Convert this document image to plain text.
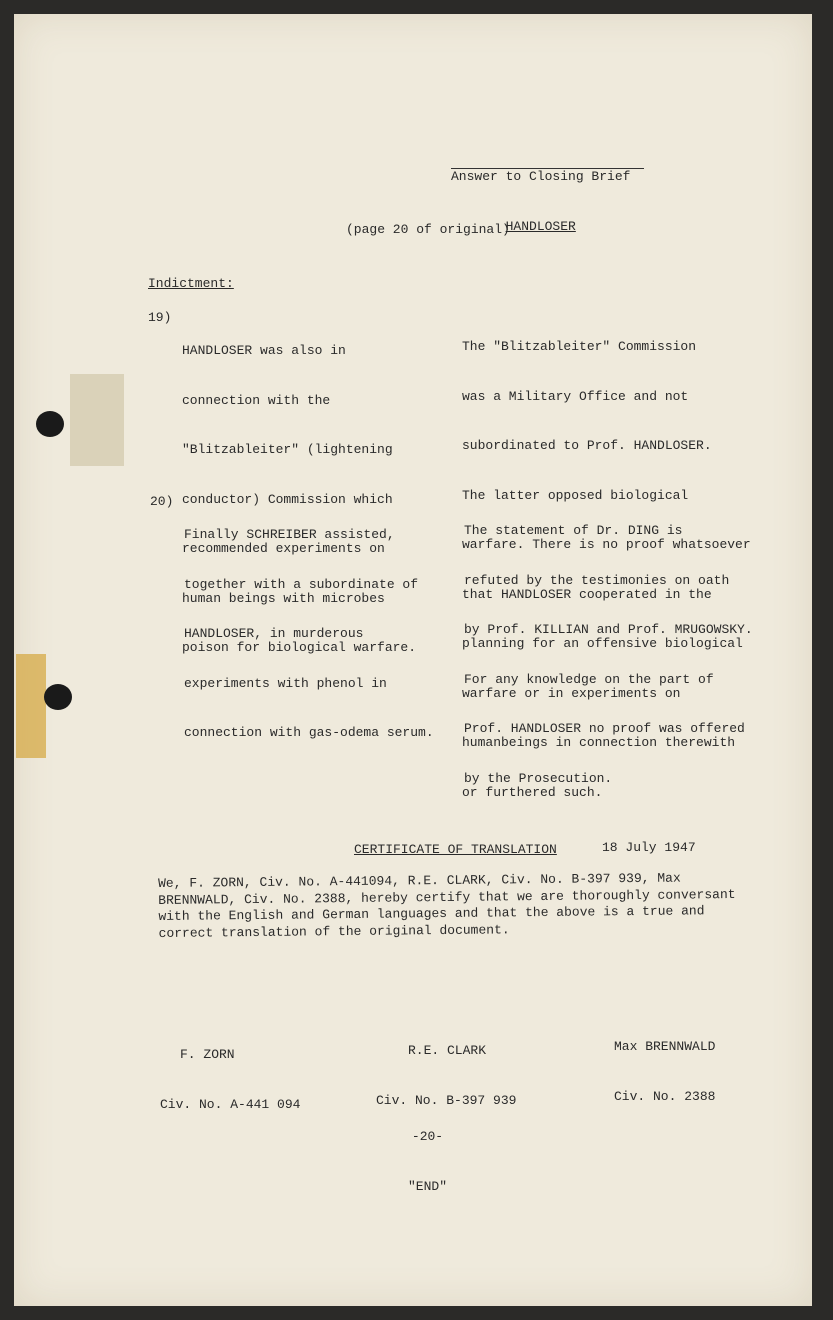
Answer to Closing Brief

HANDLOSER

(page 20 of original)
Indictment:
19)

HANDLOSER was also in

connection with the

"Blitzableiter" (lightening

conductor) Commission which

recommended experiments on

human beings with microbes

poison for biological warfare.

The "Blitzableiter" Commission

was a Military Office and not

subordinated to Prof. HANDLOSER.

The latter opposed biological

warfare. There is no proof whatsoever

that HANDLOSER cooperated in the

planning for an offensive biological

warfare or in experiments on

humanbeings in connection therewith

or furthered such.

20)

Finally SCHREIBER assisted,

together with a subordinate of

HANDLOSER, in murderous

experiments with phenol in

connection with gas-odema serum.

The statement of Dr. DING is

refuted by the testimonies on oath

by Prof. KILLIAN and Prof. MRUGOWSKY.

For any knowledge on the part of

Prof. HANDLOSER no proof was offered

by the Prosecution.

CERTIFICATE OF TRANSLATION	18 July 1947
We, F. ZORN, Civ. No. A-441094, R.E. CLARK, Civ. No. B-397 939, Max BRENNWALD, Civ. No. 2388, hereby certify that we are thoroughly conversant with the English and German languages and that the above is a true and correct translation of the original document.

F. ZORN

Civ. No. A-441 094

R.E. CLARK

Civ. No. B-397 939

Max BRENNWALD

Civ. No. 2388

-20-

"END"
